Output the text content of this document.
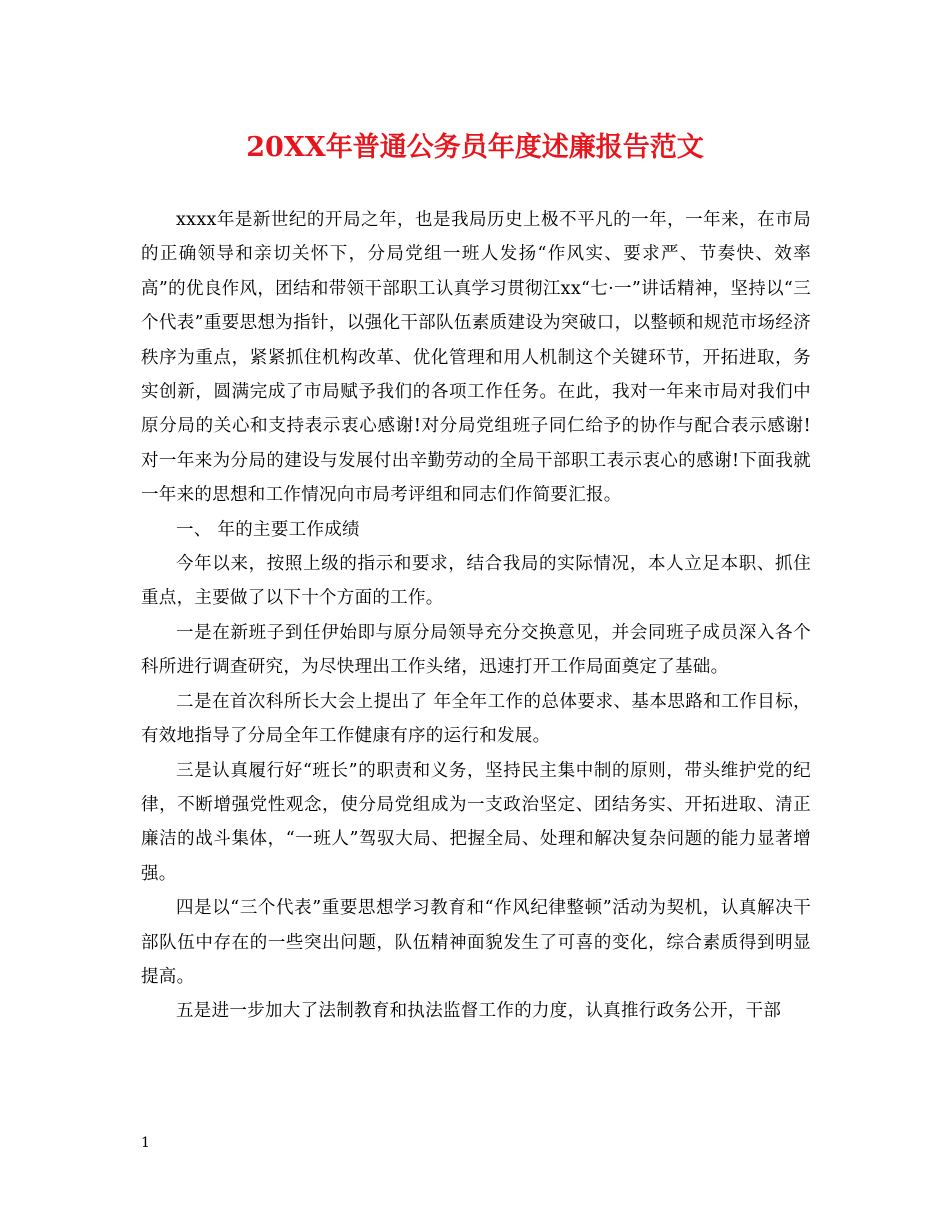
20XX年普通公务员年度述廉报告范文

xxxx年是新世纪的开局之年，也是我局历史上极不平凡的一年，一年来，在市局的正确领导和亲切关怀下，分局党组一班人发扬“作风实、要求严、节奏快、效率高”的优良作风，团结和带领干部职工认真学习贯彻江xx“七·一”讲话精神，坚持以“三个代表”重要思想为指针，以强化干部队伍素质建设为突破口，以整顿和规范市场经济秩序为重点，紧紧抓住机构改革、优化管理和用人机制这个关键环节，开拓进取，务实创新，圆满完成了市局赋予我们的各项工作任务。在此，我对一年来市局对我们中原分局的关心和支持表示衷心感谢!对分局党组班子同仁给予的协作与配合表示感谢!对一年来为分局的建设与发展付出辛勤劳动的全局干部职工表示衷心的感谢!下面我就一年来的思想和工作情况向市局考评组和同志们作简要汇报。

一、 年的主要工作成绩

今年以来，按照上级的指示和要求，结合我局的实际情况，本人立足本职、抓住重点，主要做了以下十个方面的工作。

一是在新班子到任伊始即与原分局领导充分交换意见，并会同班子成员深入各个科所进行调查研究，为尽快理出工作头绪，迅速打开工作局面奠定了基础。

二是在首次科所长大会上提出了 年全年工作的总体要求、基本思路和工作目标，有效地指导了分局全年工作健康有序的运行和发展。

三是认真履行好“班长”的职责和义务，坚持民主集中制的原则，带头维护党的纪律，不断增强党性观念，使分局党组成为一支政治坚定、团结务实、开拓进取、清正廉洁的战斗集体，“一班人”驾驭大局、把握全局、处理和解决复杂问题的能力显著增强。

四是以“三个代表”重要思想学习教育和“作风纪律整顿”活动为契机，认真解决干部队伍中存在的一些突出问题，队伍精神面貌发生了可喜的变化，综合素质得到明显提高。

五是进一步加大了法制教育和执法监督工作的力度，认真推行政务公开，干部

1
